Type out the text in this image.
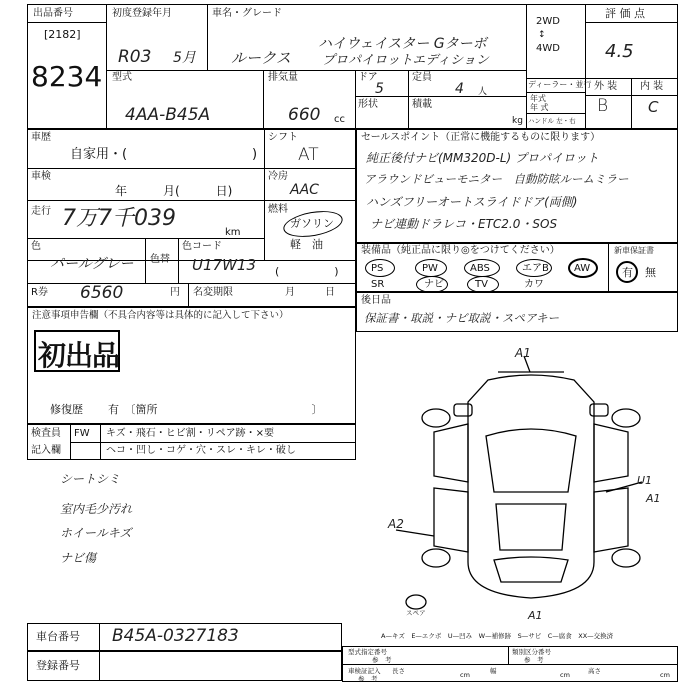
出品番号
[2182]
8234
初度登録年月
R03 5月
車名・グレード
ルークス
ハイウェイスター Gターボ
プロパイロットエディション
2WD
↕
4WD
評 価 点
4.5
外 装 内 装
B	C
型式
4AA-B45A
排気量
660 cc
ドア
5
定員
4 人
形状	積載
kg
ディーラー・並行
年式
年 式
ハンドル 左・右
車歴
自家用・(	)
シフト
AT
車検
年　　　月(　　　日)
冷房
AAC
走行 7万7千039
km
燃料
ガソリン
軽　油
(　　　　　)
色
パールグレー 色替
色コード
U17W13
R券 6560	円 名変期限	月　　　日
注意事項申告欄（不具合内容等は具体的に記入して下さい）
初出品
修復歴 有　〔箇所　　　　　　　　　　　　　　〕
検査員
記入欄
FW キズ・飛石・ヒビ割・リペア跡・×要
ヘコ・凹し・コゲ・穴・スレ・キレ・破し
シートシミ
室内毛少汚れ
ホイールキズ
ナビ傷
セールスポイント（正常に機能するものに限ります）
純正後付ナビ(MM320D-L) プロパイロット
アラウンドビューモニター　自動防眩ルームミラー
ハンズフリーオートスライドドア(両側)
ナビ連動ドラレコ・ETC2.0・SOS
装備品（純正品に限り◎をつけてください）	新車保証書
PS	PW	ABS	エアB	AW
SR	ナビ	TV	カワ
有 無
後日品
保証書・取説・ナビ取説・スペアキー
A1
A2
U1
A1
A1
スペア
A—キズ　E—エクボ　U—凹み　W—補修跡　S—サビ　C—腐食　XX—交換済
車台番号 B45A-0327183
登録番号
型式指定番号
参　考
類別区分番号
参　考
車検証記入
参　考
長さ	cm	幅	cm	高さ	cm
